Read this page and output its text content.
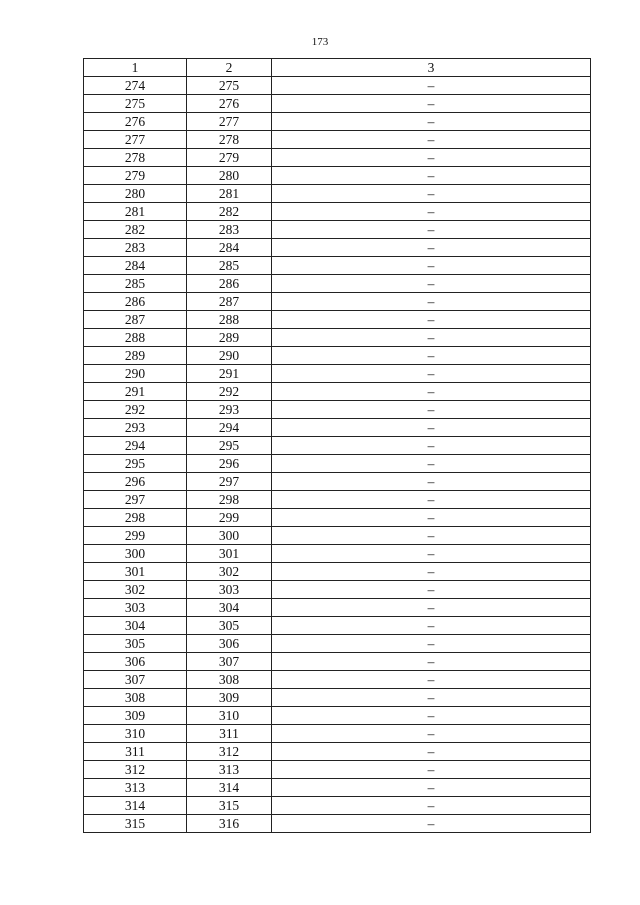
173
1	2	3
274	275	–
275	276	–
276	277	–
277	278	–
278	279	–
279	280	–
280	281	–
281	282	–
282	283	–
283	284	–
284	285	–
285	286	–
286	287	–
287	288	–
288	289	–
289	290	–
290	291	–
291	292	–
292	293	–
293	294	–
294	295	–
295	296	–
296	297	–
297	298	–
298	299	–
299	300	–
300	301	–
301	302	–
302	303	–
303	304	–
304	305	–
305	306	–
306	307	–
307	308	–
308	309	–
309	310	–
310	311	–
311	312	–
312	313	–
313	314	–
314	315	–
315	316	–
